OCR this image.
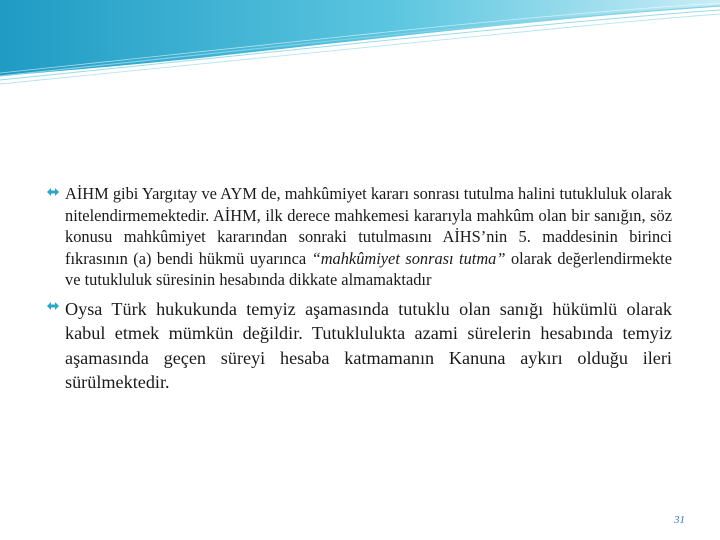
AİHM gibi Yargıtay ve AYM de, mahkûmiyet kararı sonrası tutulma halini tutukluluk olarak nitelendirmemektedir. AİHM, ilk derece mahkemesi kararıyla mahkûm olan bir sanığın, söz konusu mahkûmiyet kararından sonraki tutulmasını AİHS’nin 5. maddesinin birinci fıkrasının (a) bendi hükmü uyarınca “mahkûmiyet sonrası tutma” olarak değerlendirmekte ve tutukluluk süresinin hesabında dikkate almamaktadır

Oysa Türk hukukunda temyiz aşamasında tutuklu olan sanığı hükümlü olarak kabul etmek mümkün değildir. Tutuklulukta azami sürelerin hesabında temyiz aşamasında geçen süreyi hesaba katmamanın Kanuna aykırı olduğu ileri sürülmektedir.

31
